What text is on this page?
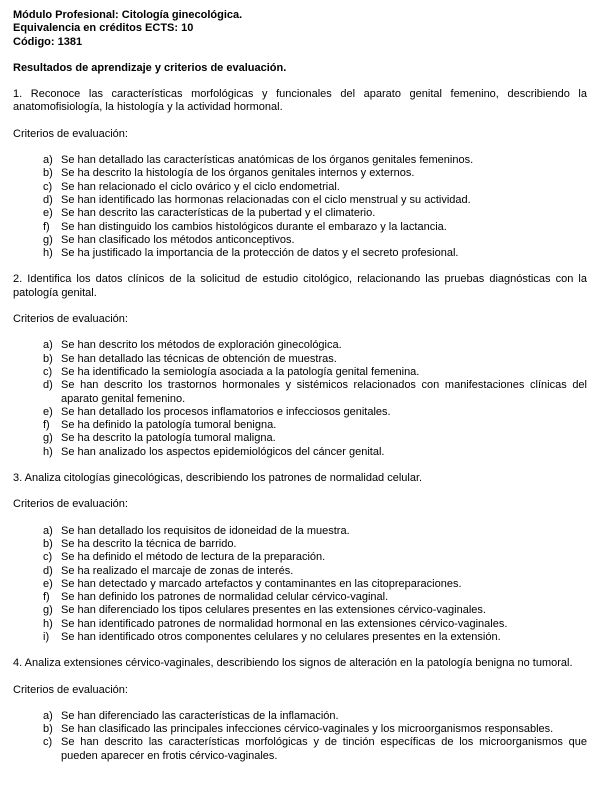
Módulo Profesional: Citología ginecológica.
Equivalencia en créditos ECTS: 10
Código: 1381
Resultados de aprendizaje y criterios de evaluación.
1. Reconoce las características morfológicas y funcionales del aparato genital femenino, describiendo la anatomofisiología, la histología y la actividad hormonal.
Criterios de evaluación:
a) Se han detallado las características anatómicas de los órganos genitales femeninos.
b) Se ha descrito la histología de los órganos genitales internos y externos.
c) Se han relacionado el ciclo ovárico y el ciclo endometrial.
d) Se han identificado las hormonas relacionadas con el ciclo menstrual y su actividad.
e) Se han descrito las características de la pubertad y el climaterio.
f)	Se han distinguido los cambios histológicos durante el embarazo y la lactancia.
g) Se han clasificado los métodos anticonceptivos.
h) Se ha justificado la importancia de la protección de datos y el secreto profesional.
2. Identifica los datos clínicos de la solicitud de estudio citológico, relacionando las pruebas diagnósticas con la patología genital.
Criterios de evaluación:
a) Se han descrito los métodos de exploración ginecológica.
b) Se han detallado las técnicas de obtención de muestras.
c) Se ha identificado la semiología asociada a la patología genital femenina.
d) Se han descrito los trastornos hormonales y sistémicos relacionados con manifestaciones clínicas del aparato genital femenino.
e) Se han detallado los procesos inflamatorios e infecciosos genitales.
f)	Se ha definido la patología tumoral benigna.
g) Se ha descrito la patología tumoral maligna.
h) Se han analizado los aspectos epidemiológicos del cáncer genital.
3. Analiza citologías ginecológicas, describiendo los patrones de normalidad celular.
Criterios de evaluación:
a) Se han detallado los requisitos de idoneidad de la muestra.
b) Se ha descrito la técnica de barrido.
c) Se ha definido el método de lectura de la preparación.
d) Se ha realizado el marcaje de zonas de interés.
e) Se han detectado y marcado artefactos y contaminantes en las citopreparaciones.
f)	Se han definido los patrones de normalidad celular cérvico-vaginal.
g) Se han diferenciado los tipos celulares presentes en las extensiones cérvico-vaginales.
h) Se han identificado patrones de normalidad hormonal en las extensiones cérvico-vaginales.
i)	Se han identificado otros componentes celulares y no celulares presentes en la extensión.
4. Analiza extensiones cérvico-vaginales, describiendo los signos de alteración en la patología benigna no tumoral.
Criterios de evaluación:
a) Se han diferenciado las características de la inflamación.
b) Se han clasificado las principales infecciones cérvico-vaginales y los microorganismos responsables.
c) Se han descrito las características morfológicas y de tinción específicas de los microorganismos que pueden aparecer en frotis cérvico-vaginales.
